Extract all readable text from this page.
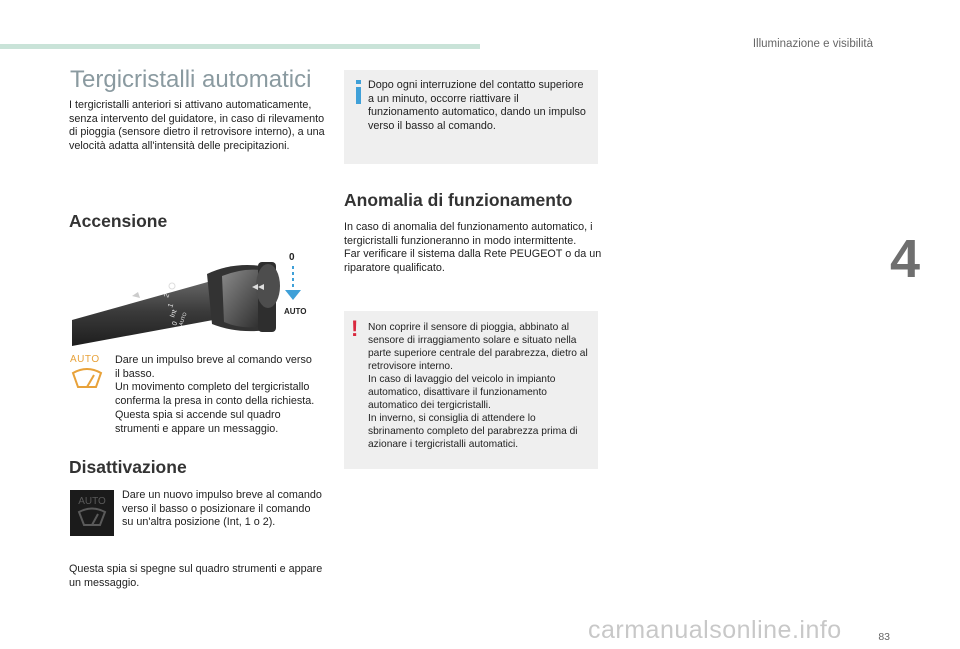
Illuminazione e visibilità
4
Tergicristalli automatici
I tergicristalli anteriori si attivano automaticamente, senza intervento del guidatore, in caso di rilevamento di pioggia (sensore dietro il retrovisore interno), a una velocità adatta all'intensità delle precipitazioni.
Accensione
2
1
Int
0 AUTO
0
AUTO
AUTO	Dare un impulso breve al comando verso il basso.
Un movimento completo del tergicristallo conferma la presa in conto della richiesta.
Questa spia si accende sul quadro strumenti e appare un messaggio.
Disattivazione
AUTO
Dare un nuovo impulso breve al comando verso il basso o posizionare il comando su un'altra posizione (Int, 1 o 2).
Questa spia si spegne sul quadro strumenti e appare un messaggio.
Dopo ogni interruzione del contatto superiore a un minuto, occorre riattivare il funzionamento automatico, dando un impulso verso il basso al comando.
Anomalia di funzionamento
In caso di anomalia del funzionamento automatico, i tergicristalli funzioneranno in modo intermittente.
Far verificare il sistema dalla Rete PEUGEOT o da un riparatore qualificato.
! Non coprire il sensore di pioggia, abbinato al sensore di irraggiamento solare e situato nella parte superiore centrale del parabrezza, dietro al retrovisore interno.
In caso di lavaggio del veicolo in impianto automatico, disattivare il funzionamento automatico dei tergicristalli.
In inverno, si consiglia di attendere lo sbrinamento completo del parabrezza prima di azionare i tergicristalli automatici.
83
carmanualsonline.info
